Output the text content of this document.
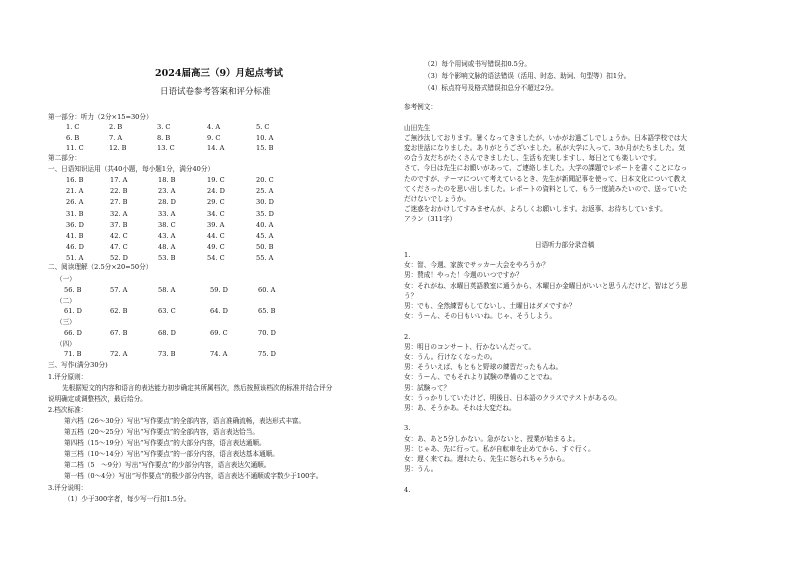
2024届高三（9）月起点考试
日语试卷参考答案和评分标准
第一部分：听力（2分×15=30分）
1. C	2. B	3. C	4. A	5. C
6. B	7. A	8. B	9. C	10. A
11. C	12. B	13. C	14. A	15. B
第二部分：
一、日语知识运用（共40小题，每小题1分，满分40分）
16. B	17. A	18. B	19. C	20. C
21. A	22. B	23. A	24. D	25. A
26. A	27. B	28. D	29. C	30. D
31. B	32. A	33. A	34. C	35. D
36. D	37. B	38. C	39. A	40. A
41. B	42. C	43. A	44. C	45. A
46. D	47. C	48. A	49. C	50. B
51. A	52. D	53. B	54. C	55. A
二、阅读理解（2.5分×20=50分）
（一）
56. B	57. A	58. A	59. D	60. A
（二）
61. D	62. B	63. C	64. D	65. B
（三）
66. D	67. B	68. D	69. C	70. D
（四）
71. B	72. A	73. B	74. A	75. D
三、写作(满分30分)
1.评分原则：
先根据短文的内容和语言的表达能力初步确定其所属档次，然后按照该档次的标准并结合评分
说明确定或调整档次，最后给分。
2.档次标准：
第六档（26～30分）写出“写作要点”的全部内容，语言准确流畅，表达形式丰富。
第五档（20～25分）写出“写作要点”的全部内容，语言表达恰当。
第四档（15～19分）写出“写作要点”的大部分内容，语言表达通顺。
第三档（10～14分）写出“写作要点”的一部分内容，语言表达基本通顺。
第二档（5　～9分）写出“写作要点”的少部分内容，语言表达欠通顺。
第一档（0～4分）写出“写作要点”的极少部分内容，语言表达不通顺或字数少于100字。
3.评分说明：
（1）少于300字者，每少写一行扣1.5分。
（2）每个用词或书写错误扣0.5分。
（3）每个影响文脉的语法错误（活用、时态、助词、句型等）扣1分。
（4）标点符号及格式错误扣总分不超过2分。
参考例文：
山田先生
ご無沙汰しております。暑くなってきましたが、いかがお過ごしでしょうか。日本語学校では大
変お世話になりました。ありがとうございました。私が大学に入って、3か月がたちました。気
の合う友だちがたくさんできましたし、生活も充実しますし、毎日とても楽しいです。
さて、今日は先生にお願いがあって、ご連絡しました。大学の課題でレポートを書くことになっ
たのですが、テーマについて考えているとき、先生が新聞記事を使って、日本文化について教え
てくださったのを思い出しました。レポートの資料として、もう一度読みたいので、送っていた
だけないでしょうか。
ご迷惑をおかけしてすみませんが、よろしくお願いします。お返事、お待ちしています。
アラン（311字）
日语听力部分录音稿
1.
女：智、今週、家族でサッカー大会をやろうか？
男：賛成！やった！今週のいつですか？
女：それがね、水曜日英語教室に通うから、木曜日か金曜日がいいと思うんだけど、智はどう思
う？
男：でも、全然練習もしてないし、土曜日はダメですか？
女：うーん、その日もいいね。じゃ、そうしよう。
2.
男：明日のコンサート、行かないんだって。
女：うん。行けなくなったの。
男：そういえば、もともと野球の練習だったもんね。
女：うーん、でもそれより試験の準備のことでね。
男：試験って？
女：うっかりしていたけど、明後日、日本語のクラスでテストがあるの。
男：あ、そうかあ。それは大変だね。
3.
女：あ、あと5分しかない。急がないと、授業が始まるよ。
男：じゃあ、先に行って。私が自転車を止めてから、すぐ行く。
女：遅く来てね。遅れたら、先生に怒られちゃうから。
男：うん。
4.
